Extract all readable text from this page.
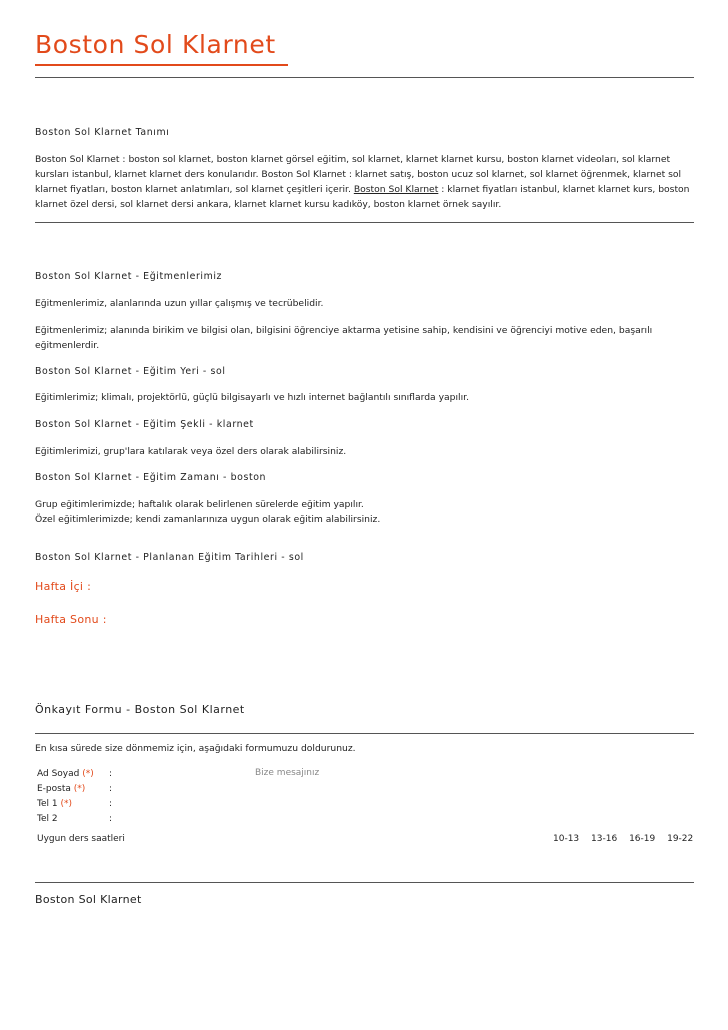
Boston Sol Klarnet
Boston Sol Klarnet Tanımı

Boston Sol Klarnet : boston sol klarnet, boston klarnet görsel eğitim, sol klarnet, klarnet klarnet kursu, boston klarnet videoları, sol klarnet kursları istanbul, klarnet klarnet ders konularıdır. Boston Sol Klarnet : klarnet satış, boston ucuz sol klarnet, sol klarnet öğrenmek, klarnet sol klarnet fiyatları, boston klarnet anlatımları, sol klarnet çeşitleri içerir. Boston Sol Klarnet : klarnet fiyatları istanbul, klarnet klarnet kurs, boston klarnet özel dersi, sol klarnet dersi ankara, klarnet klarnet kursu kadıköy, boston klarnet örnek sayılır.

Boston Sol Klarnet - Eğitmenlerimiz

Eğitmenlerimiz, alanlarında uzun yıllar çalışmış ve tecrübelidir.

Eğitmenlerimiz; alanında birikim ve bilgisi olan, bilgisini öğrenciye aktarma yetisine sahip, kendisini ve öğrenciyi motive eden, başarılı eğitmenlerdir.

Boston Sol Klarnet - Eğitim Yeri - sol

Eğitimlerimiz; klimalı, projektörlü, güçlü bilgisayarlı ve hızlı internet bağlantılı sınıflarda yapılır.

Boston Sol Klarnet - Eğitim Şekli - klarnet

Eğitimlerimizi, grup'lara katılarak veya özel ders olarak alabilirsiniz.

Boston Sol Klarnet - Eğitim Zamanı - boston

Grup eğitimlerimizde; haftalık olarak belirlenen sürelerde eğitim yapılır.

Özel eğitimlerimizde; kendi zamanlarınıza uygun olarak eğitim alabilirsiniz.

Boston Sol Klarnet - Planlanan Eğitim Tarihleri - sol

Hafta İçi :

Hafta Sonu :

Önkayıt Formu - Boston Sol Klarnet

En kısa sürede size dönmemiz için, aşağıdaki formumuzu doldurunuz.

Ad Soyad (*) :
E-posta (*)	:
Tel 1 (*)	:
Tel 2	:
Bize mesajınız
Uygun ders saatleri	10-13 13-16 16-19 19-22
Boston Sol Klarnet
